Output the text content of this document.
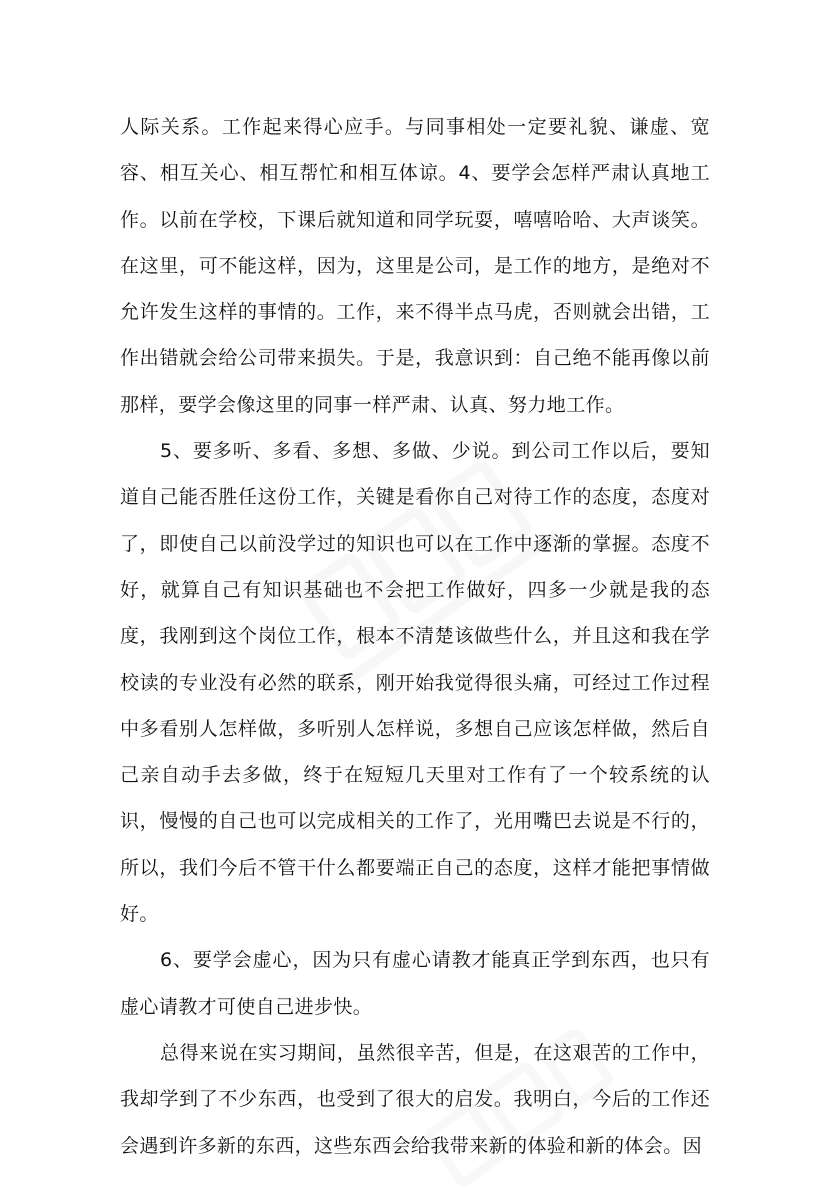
人际关系。工作起来得心应手。与同事相处一定要礼貌、谦虚、宽容、相互关心、相互帮忙和相互体谅。4、要学会怎样严肃认真地工作。以前在学校，下课后就知道和同学玩耍，嘻嘻哈哈、大声谈笑。在这里，可不能这样，因为，这里是公司，是工作的地方，是绝对不允许发生这样的事情的。工作，来不得半点马虎，否则就会出错，工作出错就会给公司带来损失。于是，我意识到：自己绝不能再像以前那样，要学会像这里的同事一样严肃、认真、努力地工作。

5、要多听、多看、多想、多做、少说。到公司工作以后，要知道自己能否胜任这份工作，关键是看你自己对待工作的态度，态度对了，即使自己以前没学过的知识也可以在工作中逐渐的掌握。态度不好，就算自己有知识基础也不会把工作做好，四多一少就是我的态度，我刚到这个岗位工作，根本不清楚该做些什么，并且这和我在学校读的专业没有必然的联系，刚开始我觉得很头痛，可经过工作过程中多看别人怎样做，多听别人怎样说，多想自己应该怎样做，然后自己亲自动手去多做，终于在短短几天里对工作有了一个较系统的认识，慢慢的自己也可以完成相关的工作了，光用嘴巴去说是不行的，所以，我们今后不管干什么都要端正自己的态度，这样才能把事情做好。

6、要学会虚心，因为只有虚心请教才能真正学到东西，也只有虚心请教才可使自己进步快。

总得来说在实习期间，虽然很辛苦，但是，在这艰苦的工作中，我却学到了不少东西，也受到了很大的启发。我明白，今后的工作还会遇到许多新的东西，这些东西会给我带来新的体验和新的体会。因
